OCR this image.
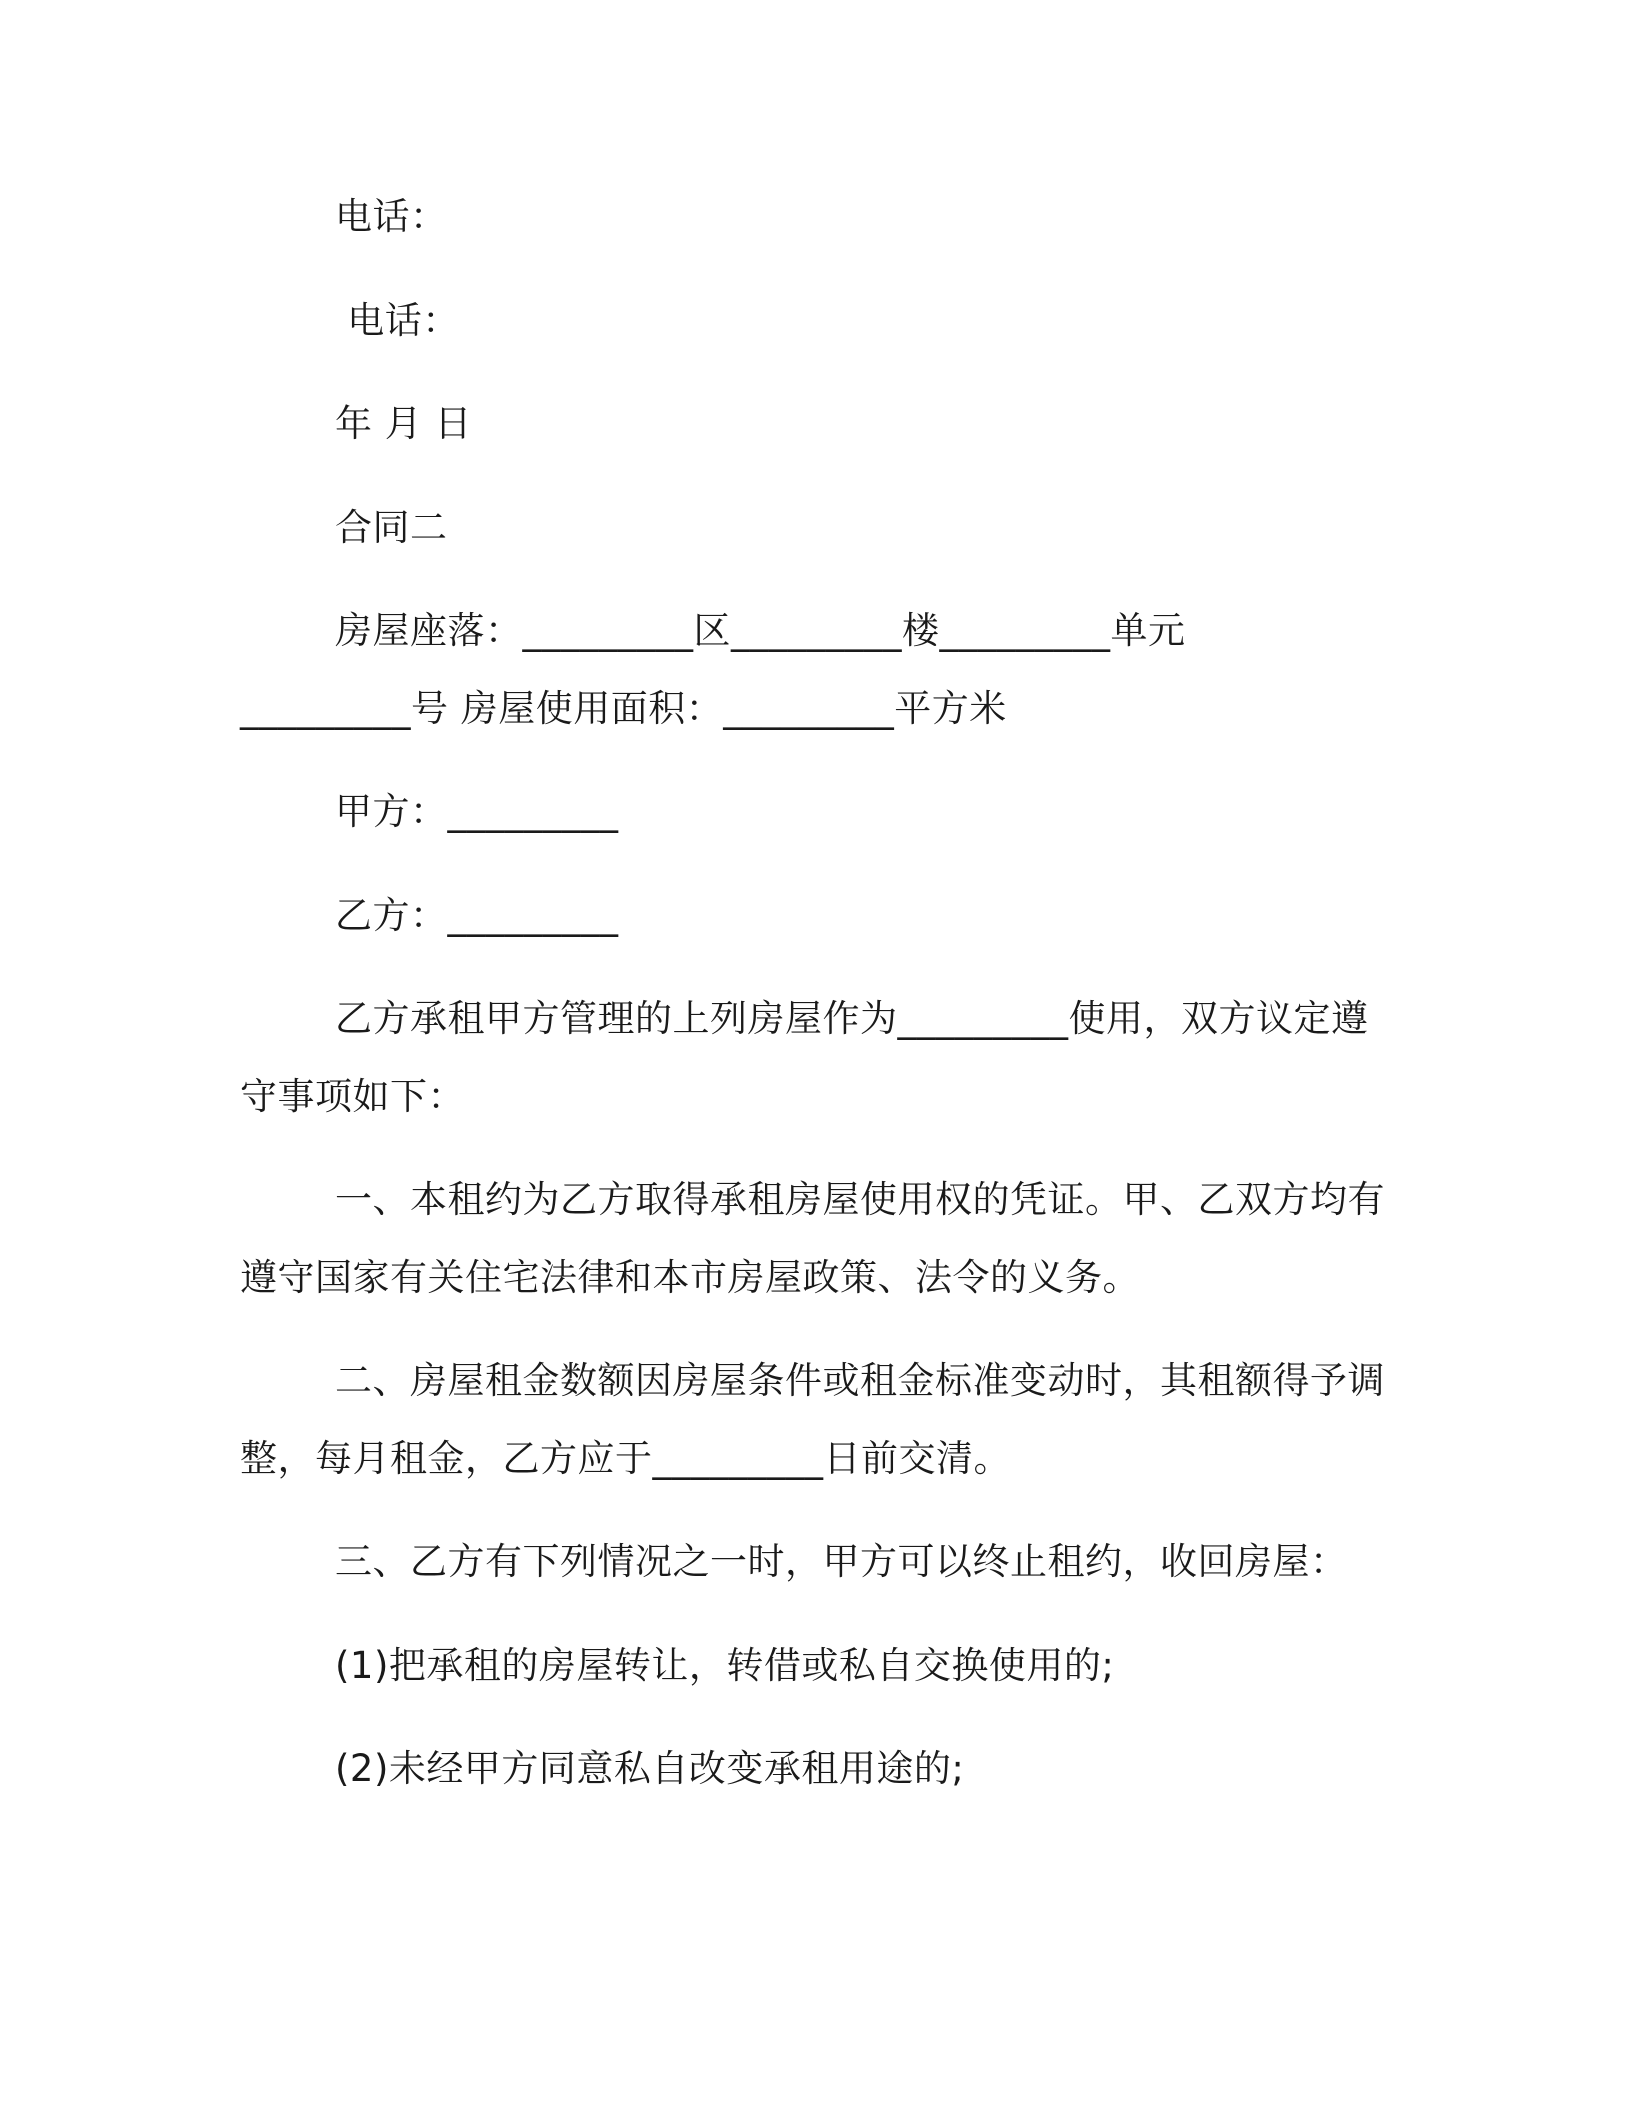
电话：
电话：
年 月 日
合同二
房屋座落：_________区_________楼_________单元
_________号 房屋使用面积：_________平方米
甲方：_________
乙方：_________
乙方承租甲方管理的上列房屋作为_________使用，双方议定遵
守事项如下：
一、本租约为乙方取得承租房屋使用权的凭证。甲、乙双方均有
遵守国家有关住宅法律和本市房屋政策、法令的义务。
二、房屋租金数额因房屋条件或租金标准变动时，其租额得予调
整，每月租金，乙方应于_________日前交清。
三、乙方有下列情况之一时，甲方可以终止租约，收回房屋：
(1)把承租的房屋转让，转借或私自交换使用的;
(2)未经甲方同意私自改变承租用途的;
